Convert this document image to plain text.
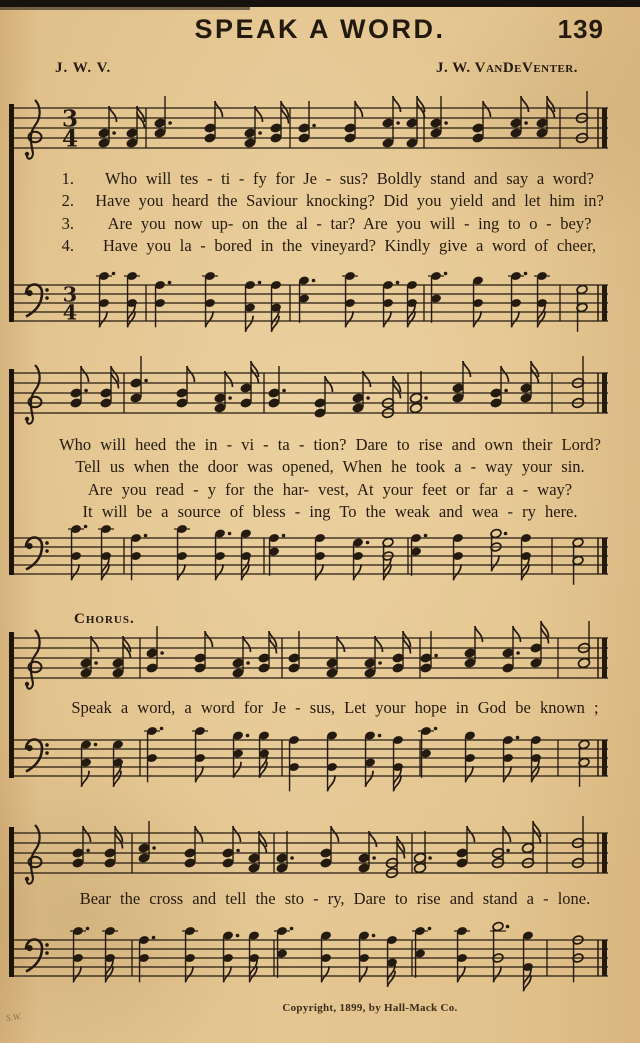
SPEAK A WORD.	139
J. W. V.	J. W. VanDeVenter.
3
4
3
4
1.	Who will tes - ti - fy for Je - sus? Boldly stand and say a word?
2.	Have you heard the Saviour knocking? Did you yield and let him in?
3.	Are you now up- on the al - tar? Are you will - ing to o - bey?
4.	Have you la - bored in the vineyard? Kindly give a word of cheer,
Who will heed the in - vi - ta - tion? Dare to rise and own their Lord?
Tell us when the door was opened, When he took a - way your sin.
Are you read - y for the har- vest, At your feet or far a - way?
It will be a source of bless - ing To the weak and wea - ry here.
Chorus.
Speak a word, a word for Je - sus, Let your hope in God be known ;
Bear the cross and tell the sto - ry, Dare to rise and stand a - lone.
Copyright, 1899, by Hall-Mack Co.
S.W.
